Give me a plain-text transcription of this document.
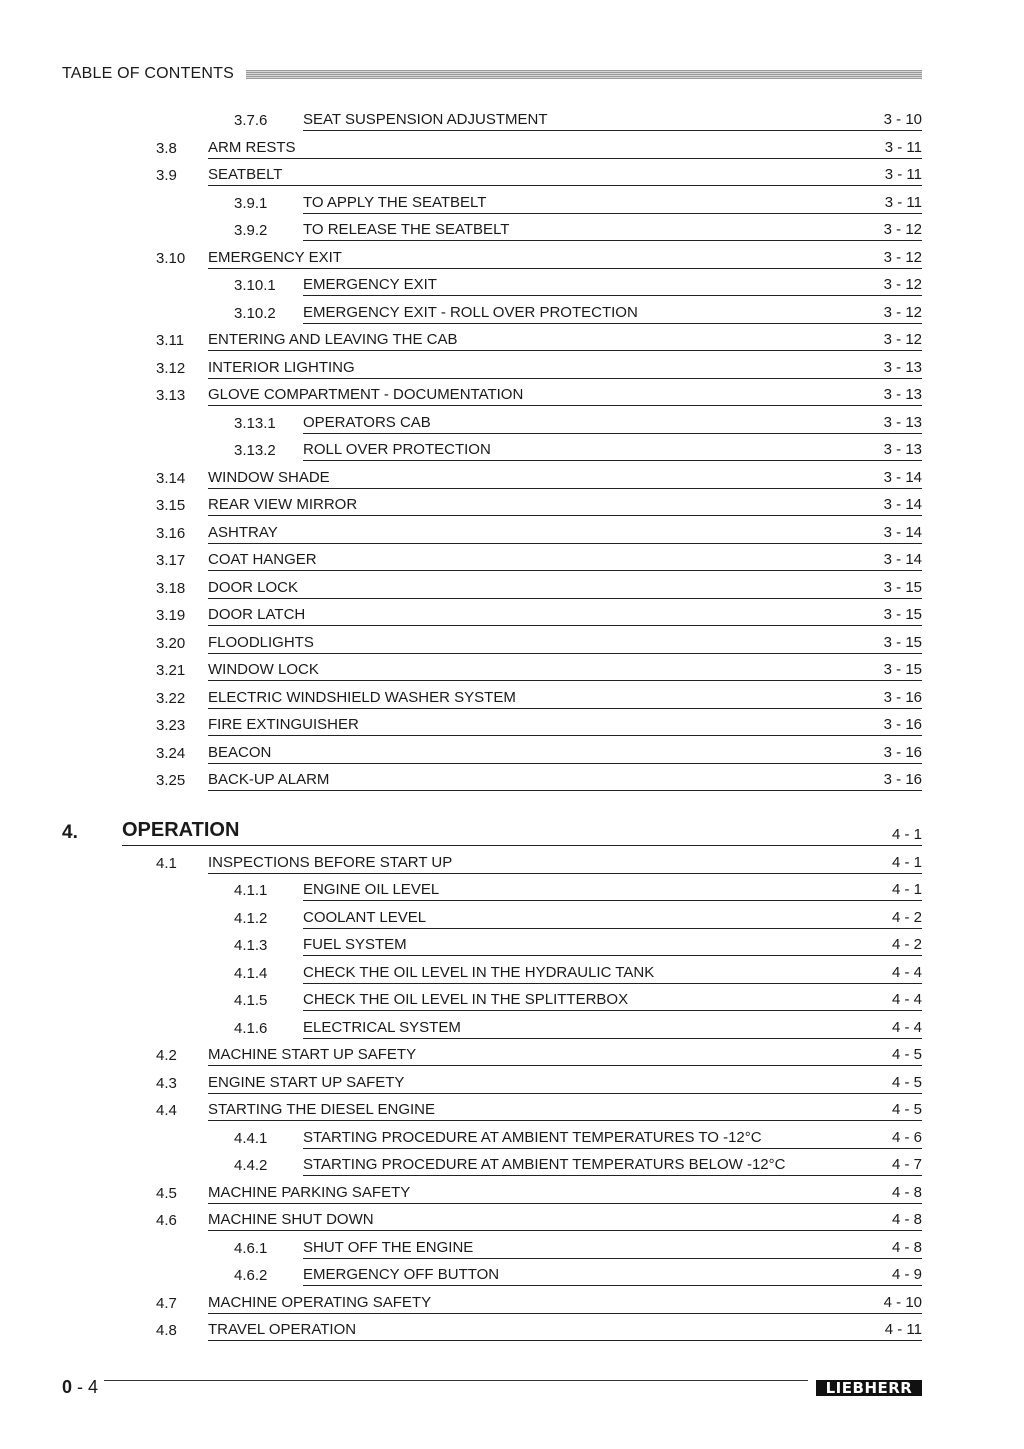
TABLE OF CONTENTS
3.7.6 SEAT SUSPENSION ADJUSTMENT	3 - 10
3.8 ARM RESTS	3 - 11
3.9 SEATBELT	3 - 11
3.9.1 TO APPLY THE SEATBELT	3 - 11
3.9.2 TO RELEASE THE SEATBELT	3 - 12
3.10 EMERGENCY EXIT	3 - 12
3.10.1 EMERGENCY EXIT	3 - 12
3.10.2 EMERGENCY EXIT - ROLL OVER PROTECTION	3 - 12
3.11 ENTERING AND LEAVING THE CAB	3 - 12
3.12 INTERIOR LIGHTING	3 - 13
3.13 GLOVE COMPARTMENT - DOCUMENTATION	3 - 13
3.13.1 OPERATORS CAB	3 - 13
3.13.2 ROLL OVER PROTECTION	3 - 13
3.14 WINDOW SHADE	3 - 14
3.15 REAR VIEW MIRROR	3 - 14
3.16 ASHTRAY	3 - 14
3.17 COAT HANGER	3 - 14
3.18 DOOR LOCK	3 - 15
3.19 DOOR LATCH	3 - 15
3.20 FLOODLIGHTS	3 - 15
3.21 WINDOW LOCK	3 - 15
3.22 ELECTRIC WINDSHIELD WASHER SYSTEM	3 - 16
3.23 FIRE EXTINGUISHER	3 - 16
3.24 BEACON	3 - 16
3.25 BACK-UP ALARM	3 - 16
4. OPERATION	4 - 1
4.1 INSPECTIONS BEFORE START UP	4 - 1
4.1.1 ENGINE OIL LEVEL	4 - 1
4.1.2 COOLANT LEVEL	4 - 2
4.1.3 FUEL SYSTEM	4 - 2
4.1.4 CHECK THE OIL LEVEL IN THE HYDRAULIC TANK	4 - 4
4.1.5 CHECK THE OIL LEVEL IN THE SPLITTERBOX	4 - 4
4.1.6 ELECTRICAL SYSTEM	4 - 4
4.2 MACHINE START UP SAFETY	4 - 5
4.3 ENGINE START UP SAFETY	4 - 5
4.4 STARTING THE DIESEL ENGINE	4 - 5
4.4.1 STARTING PROCEDURE AT AMBIENT TEMPERATURES TO -12°C	4 - 6
4.4.2 STARTING PROCEDURE AT AMBIENT TEMPERATURS BELOW -12°C	4 - 7
4.5 MACHINE PARKING SAFETY	4 - 8
4.6 MACHINE SHUT DOWN	4 - 8
4.6.1 SHUT OFF THE ENGINE	4 - 8
4.6.2 EMERGENCY OFF BUTTON	4 - 9
4.7 MACHINE OPERATING SAFETY	4 - 10
4.8 TRAVEL OPERATION	4 - 11
0 - 4	LIEBHERR
